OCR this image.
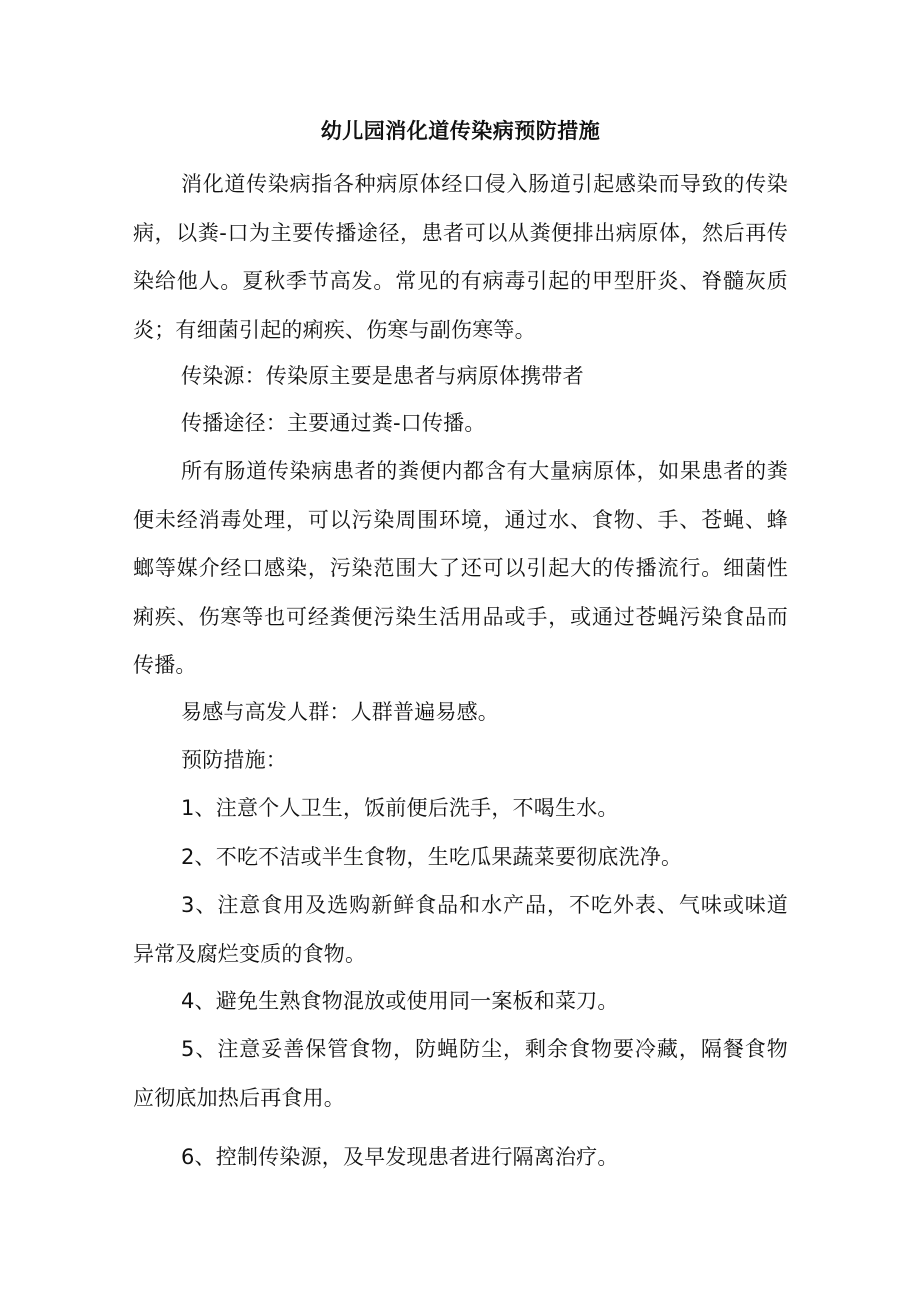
幼儿园消化道传染病预防措施

消化道传染病指各种病原体经口侵入肠道引起感染而导致的传染病，以粪-口为主要传播途径，患者可以从粪便排出病原体，然后再传染给他人。夏秋季节高发。常见的有病毒引起的甲型肝炎、脊髓灰质炎；有细菌引起的痢疾、伤寒与副伤寒等。

传染源：传染原主要是患者与病原体携带者

传播途径：主要通过粪-口传播。

所有肠道传染病患者的粪便内都含有大量病原体，如果患者的粪便未经消毒处理，可以污染周围环境，通过水、食物、手、苍蝇、蜂螂等媒介经口感染，污染范围大了还可以引起大的传播流行。细菌性痢疾、伤寒等也可经粪便污染生活用品或手，或通过苍蝇污染食品而传播。

易感与高发人群：人群普遍易感。

预防措施：

1、注意个人卫生，饭前便后洗手，不喝生水。

2、不吃不洁或半生食物，生吃瓜果蔬菜要彻底洗净。

3、注意食用及选购新鲜食品和水产品，不吃外表、气味或味道异常及腐烂变质的食物。

4、避免生熟食物混放或使用同一案板和菜刀。

5、注意妥善保管食物，防蝇防尘，剩余食物要冷藏，隔餐食物应彻底加热后再食用。

6、控制传染源，及早发现患者进行隔离治疗。
